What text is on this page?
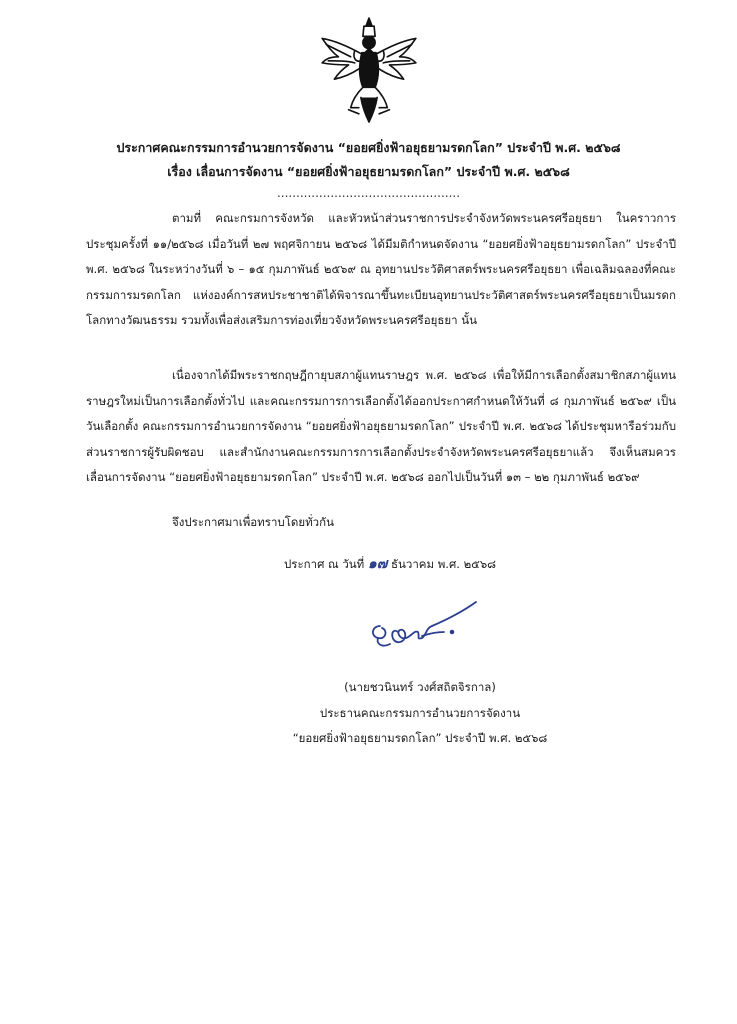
ประกาศคณะกรรมการอำนวยการจัดงาน “ยอยศยิ่งฟ้าอยุธยามรดกโลก” ประจำปี พ.ศ. ๒๕๖๘
เรื่อง เลื่อนการจัดงาน “ยอยศยิ่งฟ้าอยุธยามรดกโลก” ประจำปี พ.ศ. ๒๕๖๘
................................................

ตามที่ คณะกรมการจังหวัด และหัวหน้าส่วนราชการประจำจังหวัดพระนครศรีอยุธยา ในคราวการประชุมครั้งที่ ๑๑/๒๕๖๘ เมื่อวันที่ ๒๗ พฤศจิกายน ๒๕๖๘ ได้มีมติกำหนดจัดงาน “ยอยศยิ่งฟ้าอยุธยามรดกโลก” ประจำปี พ.ศ. ๒๕๖๘ ในระหว่างวันที่ ๖ – ๑๕ กุมภาพันธ์ ๒๕๖๙ ณ อุทยานประวัติศาสตร์พระนครศรีอยุธยา เพื่อเฉลิมฉลองที่คณะกรรมการมรดกโลก แห่งองค์การสหประชาชาติได้พิจารณาขึ้นทะเบียนอุทยานประวัติศาสตร์พระนครศรีอยุธยาเป็นมรดกโลกทางวัฒนธรรม รวมทั้งเพื่อส่งเสริมการท่องเที่ยวจังหวัดพระนครศรีอยุธยา นั้น

เนื่องจากได้มีพระราชกฤษฎีกายุบสภาผู้แทนราษฎร พ.ศ. ๒๕๖๘ เพื่อให้มีการเลือกตั้งสมาชิกสภาผู้แทนราษฎรใหม่เป็นการเลือกตั้งทั่วไป และคณะกรรมการการเลือกตั้งได้ออกประกาศกำหนดให้วันที่ ๘ กุมภาพันธ์ ๒๕๖๙ เป็นวันเลือกตั้ง คณะกรรมการอำนวยการจัดงาน “ยอยศยิ่งฟ้าอยุธยามรดกโลก” ประจำปี พ.ศ. ๒๕๖๘ ได้ประชุมหารือร่วมกับส่วนราชการผู้รับผิดชอบ และสำนักงานคณะกรรมการการเลือกตั้งประจำจังหวัดพระนครศรีอยุธยาแล้ว จึงเห็นสมควรเลื่อนการจัดงาน “ยอยศยิ่งฟ้าอยุธยามรดกโลก” ประจำปี พ.ศ. ๒๕๖๘ ออกไปเป็นวันที่ ๑๓ – ๒๒ กุมภาพันธ์ ๒๕๖๙

จึงประกาศมาเพื่อทราบโดยทั่วกัน

ประกาศ ณ วันที่ ๑๗ ธันวาคม พ.ศ. ๒๕๖๘
(นายชวนินทร์ วงศ์สถิตจิรกาล)
ประธานคณะกรรมการอำนวยการจัดงาน
“ยอยศยิ่งฟ้าอยุธยามรดกโลก” ประจำปี พ.ศ. ๒๕๖๘
